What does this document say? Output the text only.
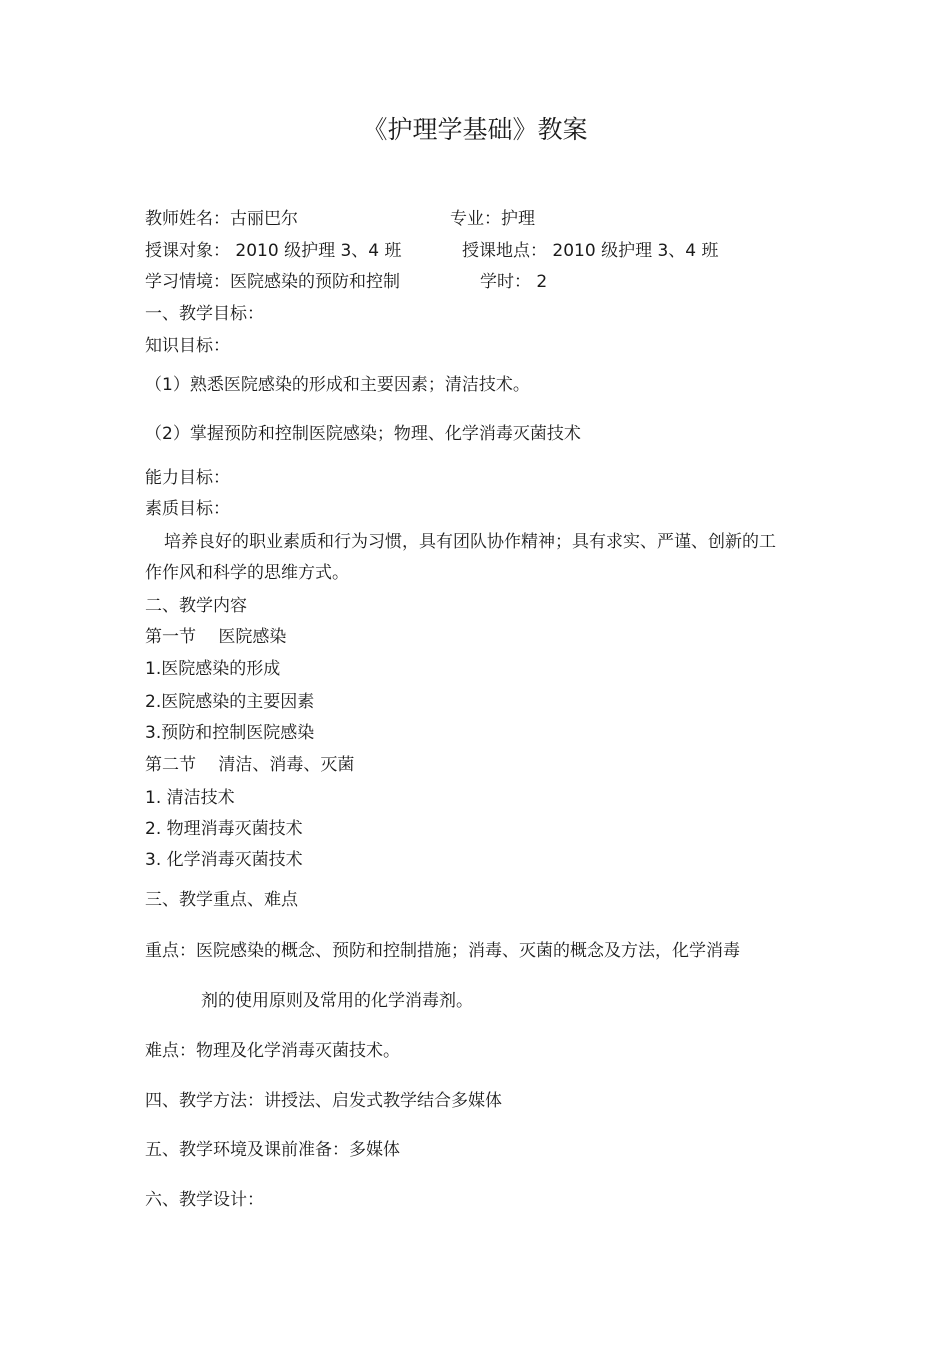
《护理学基础》教案
教师姓名：古丽巴尔	专业：护理
授课对象： 2010 级护理 3、4 班	授课地点： 2010 级护理 3、4 班
学习情境：医院感染的预防和控制	学时： 2
一、教学目标：
知识目标：
（1）熟悉医院感染的形成和主要因素；清洁技术。
（2）掌握预防和控制医院感染；物理、化学消毒灭菌技术
能力目标：
素质目标：

培养良好的职业素质和行为习惯，具有团队协作精神；具有求实、严谨、创新的工作作风和科学的思维方式。

二、教学内容
第一节　 医院感染
1.医院感染的形成
2.医院感染的主要因素
3.预防和控制医院感染
第二节　 清洁、消毒、灭菌
1. 清洁技术
2. 物理消毒灭菌技术
3. 化学消毒灭菌技术
三、教学重点、难点
重点：医院感染的概念、预防和控制措施；消毒、灭菌的概念及方法，化学消毒
剂的使用原则及常用的化学消毒剂。
难点：物理及化学消毒灭菌技术。
四、教学方法：讲授法、启发式教学结合多媒体
五、教学环境及课前准备：多媒体
六、教学设计：
